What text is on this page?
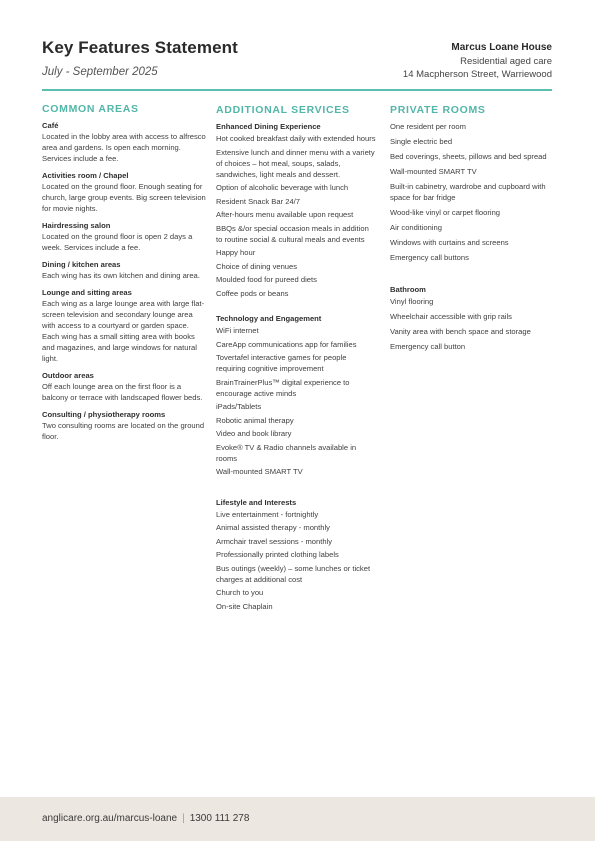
Key Features Statement
July - September 2025
Marcus Loane House
Residential aged care
14 Macpherson Street, Warriewood
COMMON AREAS
Café
Located in the lobby area with access to alfresco area and gardens. Is open each morning. Services include a fee.
Activities room / Chapel
Located on the ground floor. Enough seating for church, large group events. Big screen television for movie nights.
Hairdressing salon
Located on the ground floor is open 2 days a week. Services include a fee.
Dining / kitchen areas
Each wing has its own kitchen and dining area.
Lounge and sitting areas
Each wing as a large lounge area with large flat-screen television and secondary lounge area with access to a courtyard or garden space. Each wing has a small sitting area with books and magazines, and large windows for natural light.
Outdoor areas
Off each lounge area on the first floor is a balcony or terrace with landscaped flower beds.
Consulting / physiotherapy rooms
Two consulting rooms are located on the ground floor.
ADDITIONAL SERVICES
Enhanced Dining Experience
Hot cooked breakfast daily with extended hours
Extensive lunch and dinner menu with a variety of choices – hot meal, soups, salads, sandwiches, light meals and dessert.
Option of alcoholic beverage with lunch
Resident Snack Bar 24/7
After-hours menu available upon request
BBQs &/or special occasion meals in addition to routine social & cultural meals and events
Happy hour
Choice of dining venues
Moulded food for pureed diets
Coffee pods or beans
Technology and Engagement
WiFi internet
CareApp communications app for families
Tovertafel interactive games for people requiring cognitive improvement
BrainTrainerPlus™ digital experience to encourage active minds
iPads/Tablets
Robotic animal therapy
Video and book library
Evoke® TV & Radio channels available in rooms
Wall-mounted SMART TV
Lifestyle and Interests
Live entertainment - fortnightly
Animal assisted therapy - monthly
Armchair travel sessions - monthly
Professionally printed clothing labels
Bus outings (weekly) – some lunches or ticket charges at additional cost
Church to you
On-site Chaplain
PRIVATE ROOMS
One resident per room
Single electric bed
Bed coverings, sheets, pillows and bed spread
Wall-mounted SMART TV
Built-in cabinetry, wardrobe and cupboard with space for bar fridge
Wood-like vinyl or carpet flooring
Air conditioning
Windows with curtains and screens
Emergency call buttons
Bathroom
Vinyl flooring
Wheelchair accessible with grip rails
Vanity area with bench space and storage
Emergency call button
anglicare.org.au/marcus-loane | 1300 111 278
